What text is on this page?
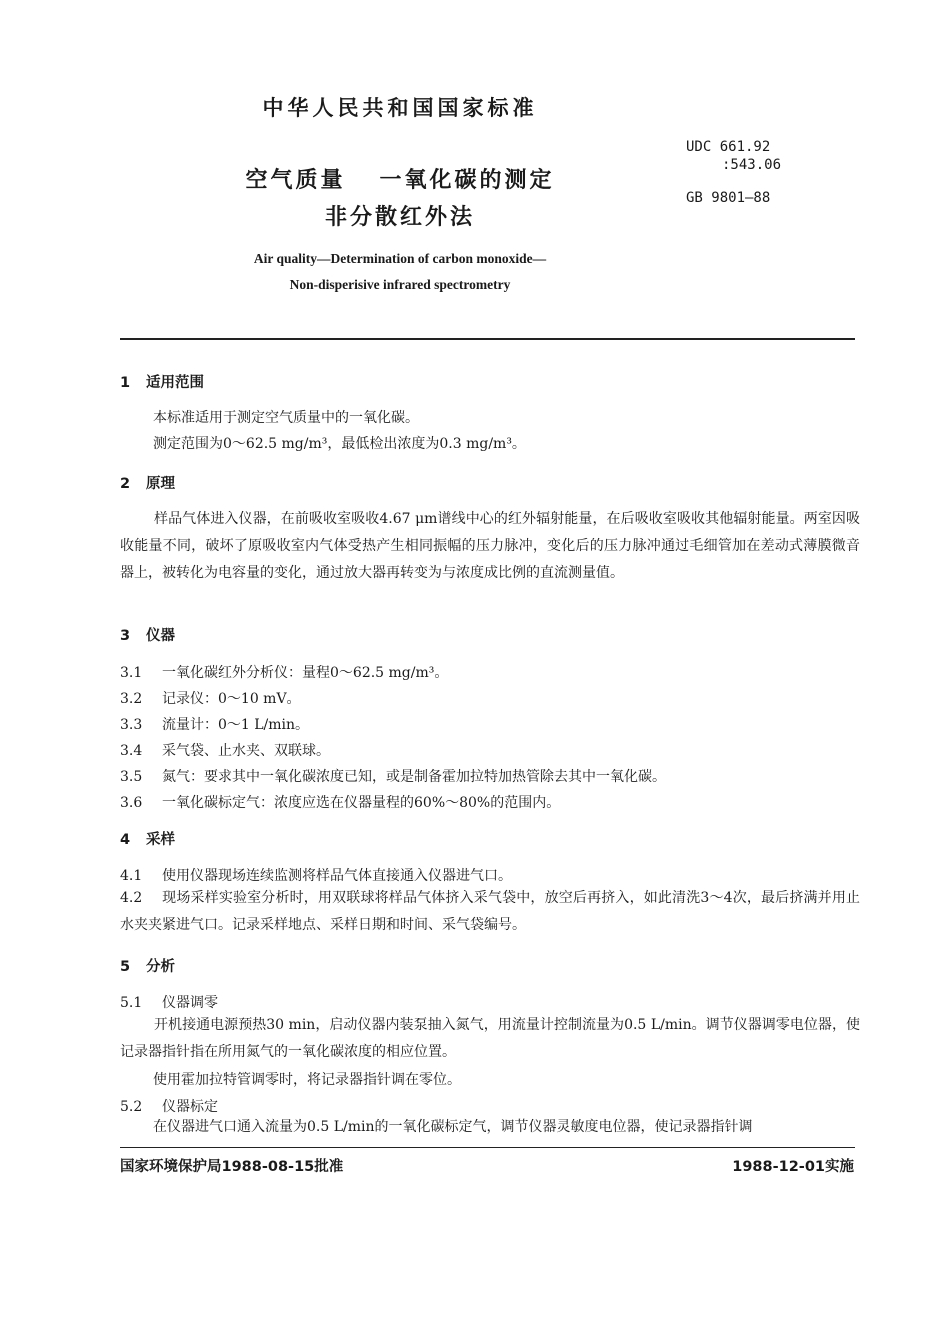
中华人民共和国国家标准
UDC 661.92
:543.06
GB 9801—88
空气质量 一氧化碳的测定
非分散红外法
Air quality—Determination of carbon monoxide—
Non-disperisive infrared spectrometry
1 适用范围
本标准适用于测定空气质量中的一氧化碳。
测定范围为0～62.5 mg/m³，最低检出浓度为0.3 mg/m³。
2 原理
样品气体进入仪器，在前吸收室吸收4.67 μm谱线中心的红外辐射能量，在后吸收室吸收其他辐射能量。两室因吸收能量不同，破坏了原吸收室内气体受热产生相同振幅的压力脉冲，变化后的压力脉冲通过毛细管加在差动式薄膜微音器上，被转化为电容量的变化，通过放大器再转变为与浓度成比例的直流测量值。
3 仪器
3.1 一氧化碳红外分析仪：量程0～62.5 mg/m³。
3.2 记录仪：0～10 mV。
3.3 流量计：0～1 L/min。
3.4 采气袋、止水夹、双联球。
3.5 氮气：要求其中一氧化碳浓度已知，或是制备霍加拉特加热管除去其中一氧化碳。
3.6 一氧化碳标定气：浓度应选在仪器量程的60%～80%的范围内。
4 采样
4.1 使用仪器现场连续监测将样品气体直接通入仪器进气口。
4.2 现场采样实验室分析时，用双联球将样品气体挤入采气袋中，放空后再挤入，如此清洗3～4次，最后挤满并用止水夹夹紧进气口。记录采样地点、采样日期和时间、采气袋编号。
5 分析
5.1 仪器调零
开机接通电源预热30 min，启动仪器内装泵抽入氮气，用流量计控制流量为0.5 L/min。调节仪器调零电位器，使记录器指针指在所用氮气的一氧化碳浓度的相应位置。
使用霍加拉特管调零时，将记录器指针调在零位。
5.2 仪器标定
在仪器进气口通入流量为0.5 L/min的一氧化碳标定气，调节仪器灵敏度电位器，使记录器指针调
国家环境保护局1988-08-15批准	1988-12-01实施
